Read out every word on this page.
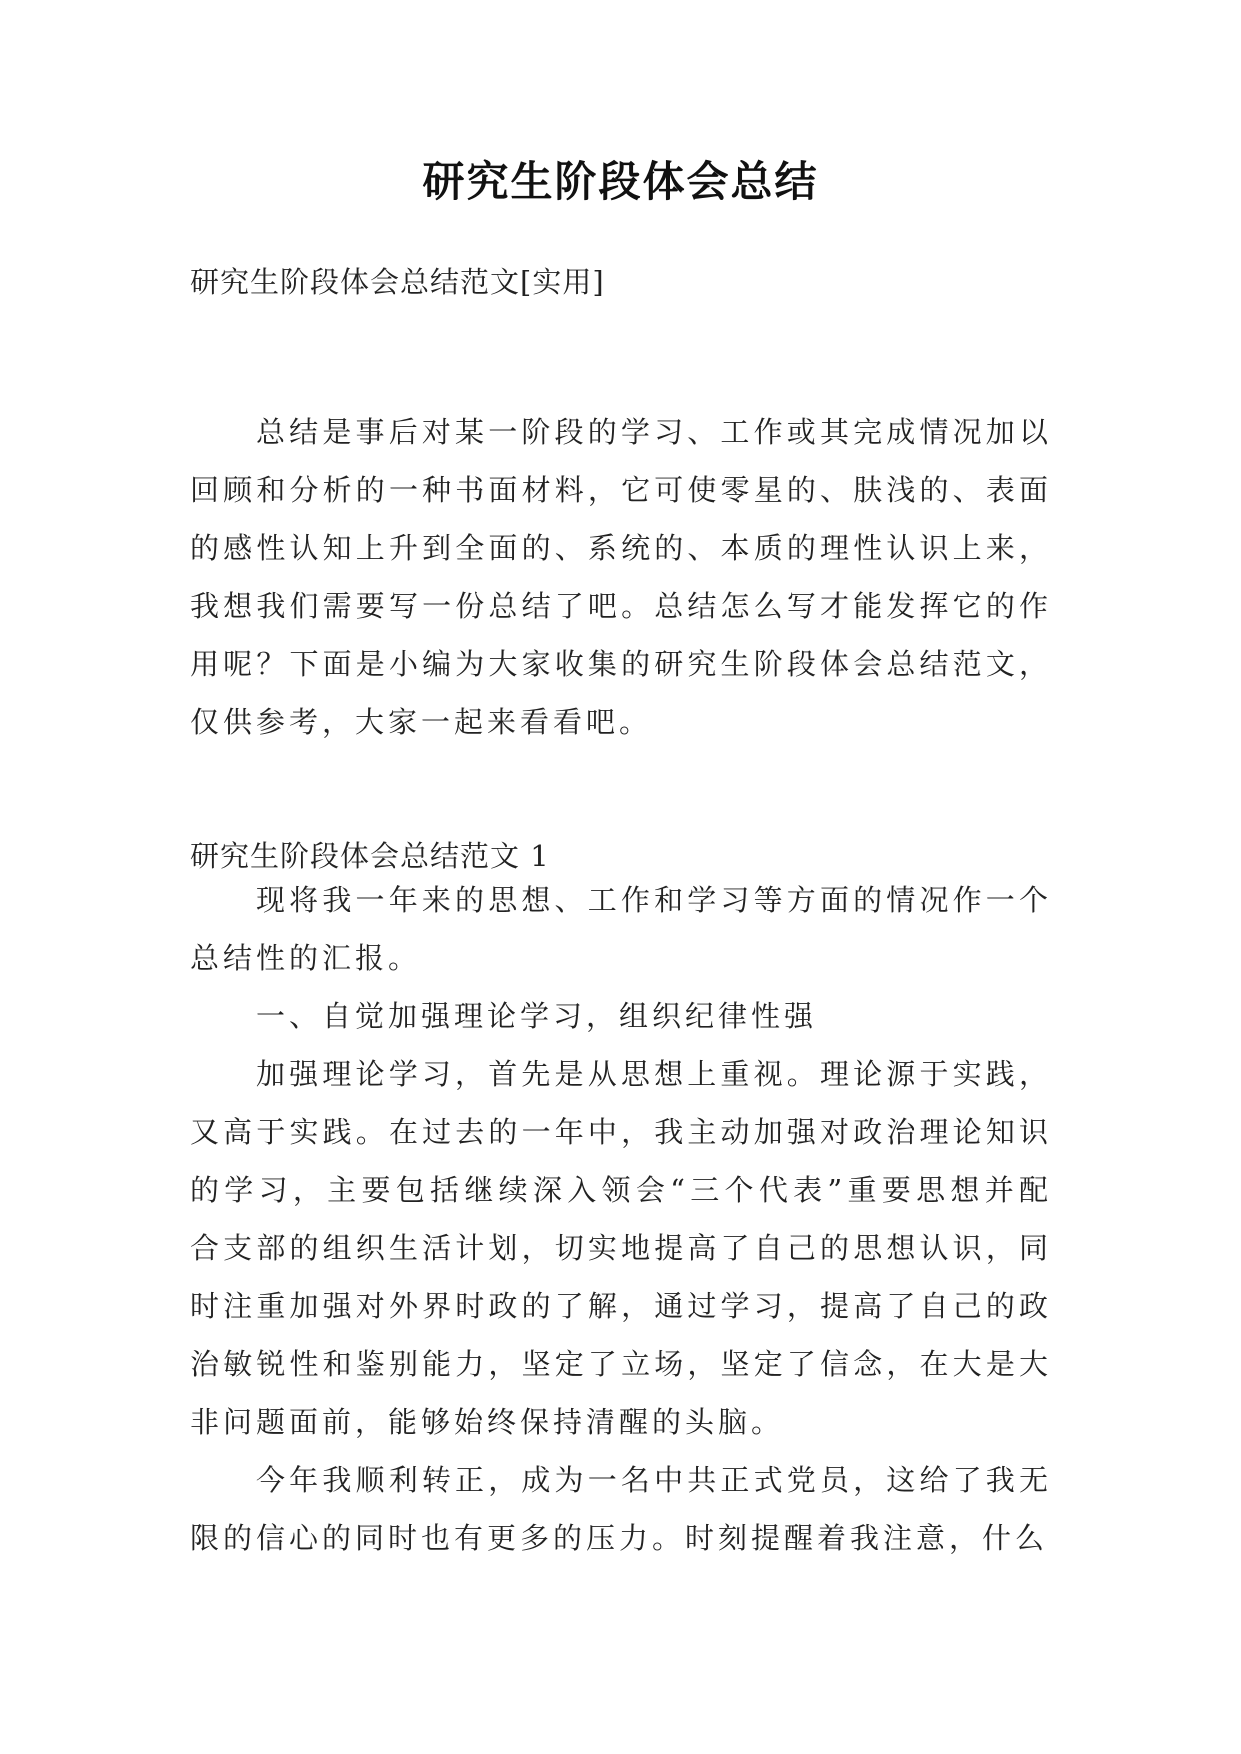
研究生阶段体会总结

研究生阶段体会总结范文[实用]

总结是事后对某一阶段的学习、工作或其完成情况加以回顾和分析的一种书面材料，它可使零星的、肤浅的、表面的感性认知上升到全面的、系统的、本质的理性认识上来，我想我们需要写一份总结了吧。总结怎么写才能发挥它的作用呢？下面是小编为大家收集的研究生阶段体会总结范文，仅供参考，大家一起来看看吧。

研究生阶段体会总结范文 1

现将我一年来的思想、工作和学习等方面的情况作一个总结性的汇报。

一、自觉加强理论学习，组织纪律性强

加强理论学习，首先是从思想上重视。理论源于实践，又高于实践。在过去的一年中，我主动加强对政治理论知识的学习，主要包括继续深入领会“三个代表”重要思想并配合支部的组织生活计划，切实地提高了自己的思想认识，同时注重加强对外界时政的了解，通过学习，提高了自己的政治敏锐性和鉴别能力，坚定了立场，坚定了信念，在大是大非问题面前，能够始终保持清醒的头脑。

今年我顺利转正，成为一名中共正式党员，这给了我无限的信心的同时也有更多的压力。时刻提醒着我注意，什么
